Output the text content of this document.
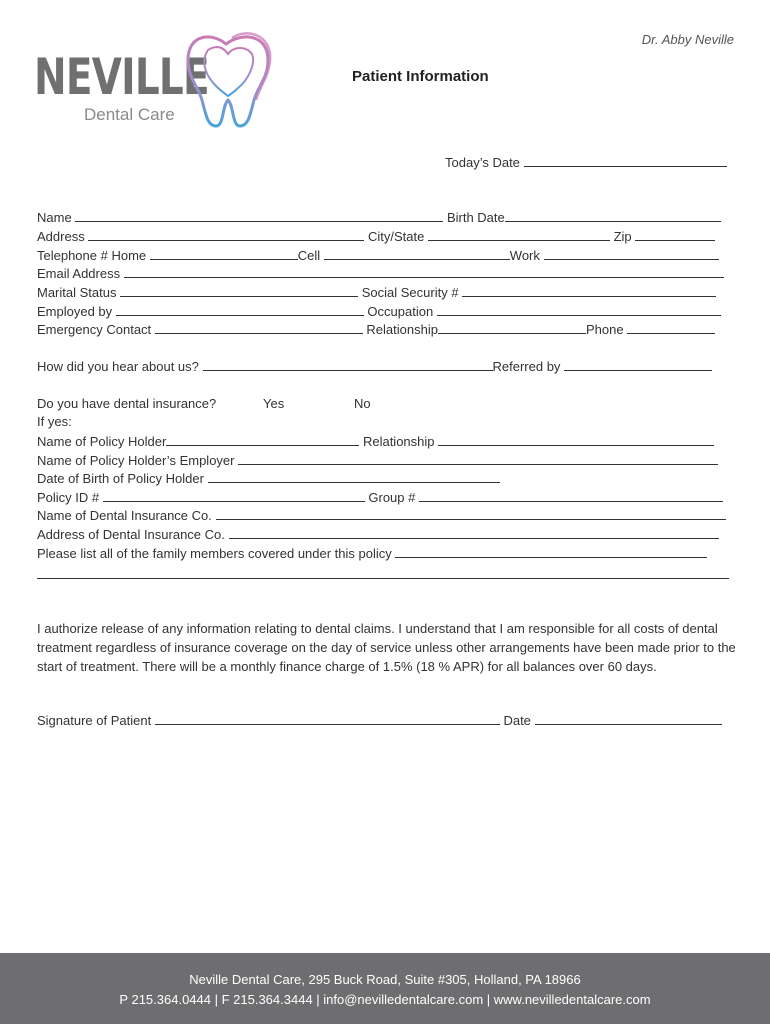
Dr. Abby Neville
NEVILLE
Dental Care
Patient Information
Today’s Date
Name	Birth Date
Address	City/State	Zip
Telephone # Home	Cell	Work
Email Address
Marital Status	Social Security #
Employed by	Occupation
Emergency Contact	Relationship	Phone
How did you hear about us?	Referred by
Do you have dental insurance?	Yes	No
If yes:
Name of Policy Holder	Relationship
Name of Policy Holder’s Employer
Date of Birth of Policy Holder
Policy ID #	Group #
Name of Dental Insurance Co.
Address of Dental Insurance Co.
Please list all of the family members covered under this policy
I authorize release of any information relating to dental claims. I understand that I am responsible for all costs of dental treatment regardless of insurance coverage on the day of service unless other arrangements have been made prior to the start of treatment. There will be a monthly finance charge of 1.5% (18 % APR) for all balances over 60 days.
Signature of Patient	Date
Neville Dental Care, 295 Buck Road, Suite #305, Holland, PA 18966
P 215.364.0444 | F 215.364.3444 | info@nevilledentalcare.com | www.nevilledentalcare.com
